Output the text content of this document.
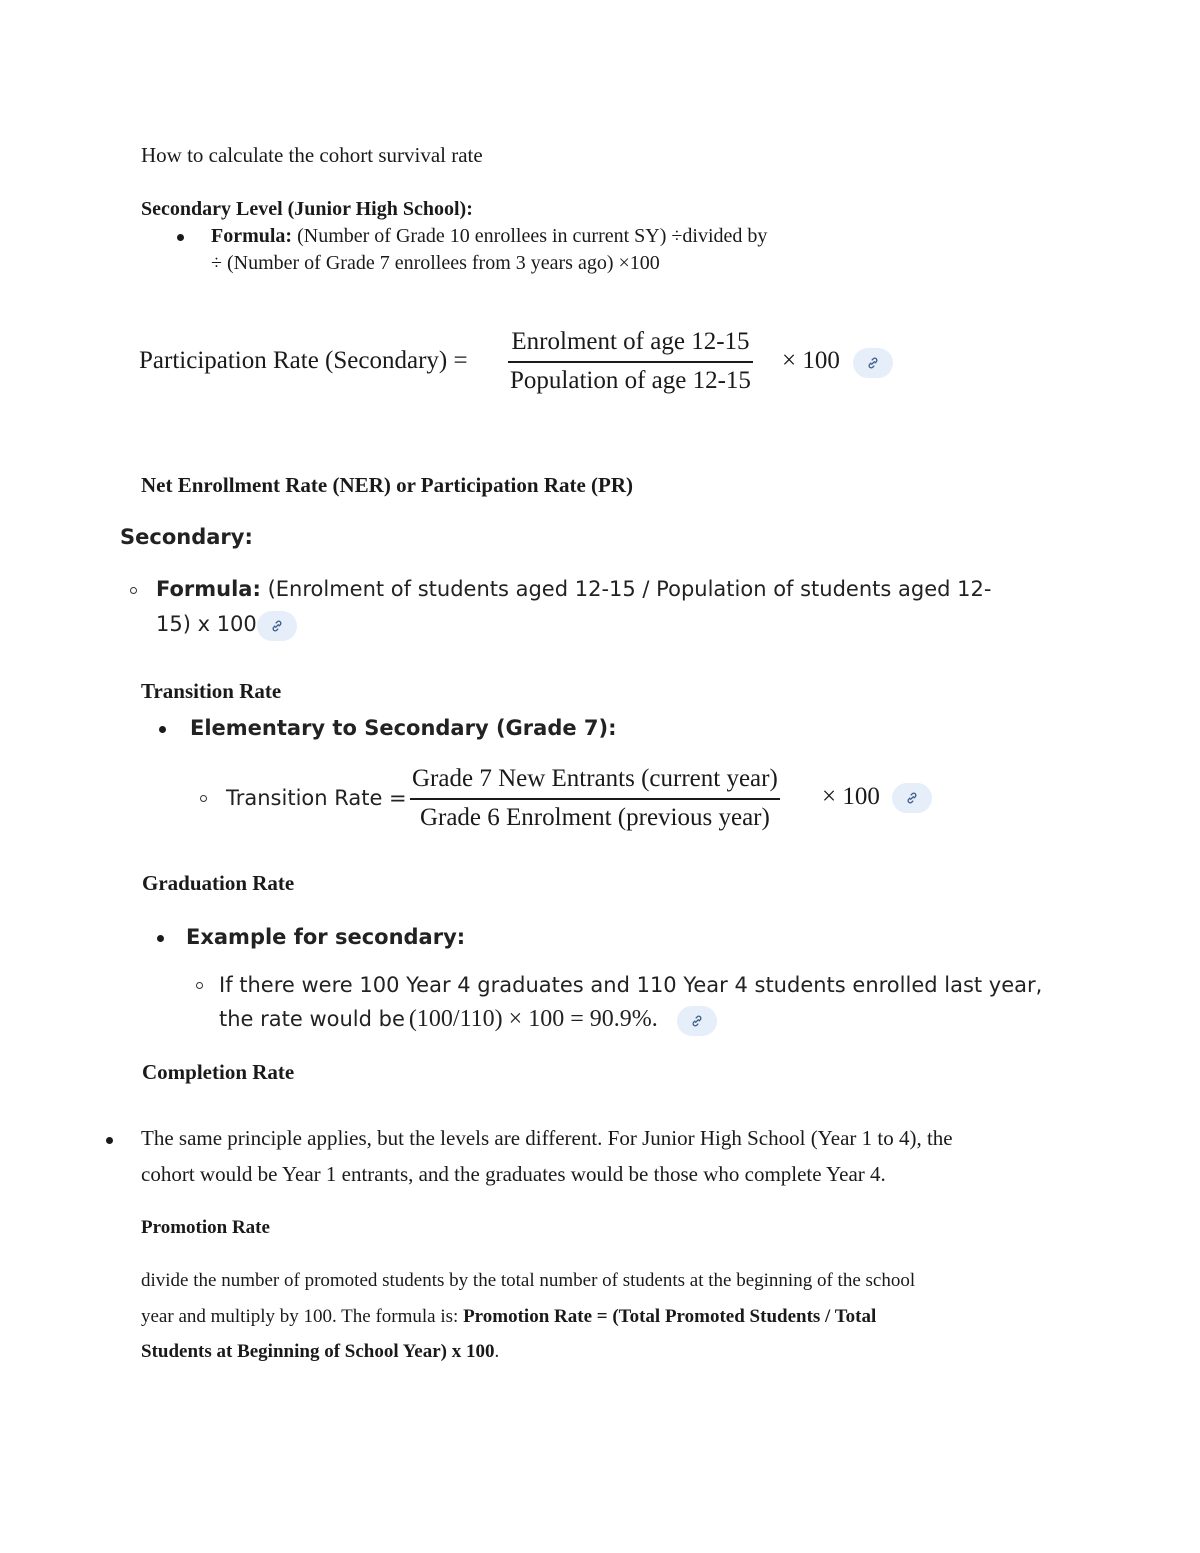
How to calculate the cohort survival rate
Secondary Level (Junior High School):
Formula: (Number of Grade 10 enrollees in current SY) ÷divided by
÷ (Number of Grade 7 enrollees from 3 years ago) ×100
Participation Rate (Secondary) =
Enrolment of age 12-15
Population of age 12-15
× 100
Net Enrollment Rate (NER) or Participation Rate (PR)
Secondary:
Formula: (Enrolment of students aged 12-15 / Population of students aged 12-
15) x 100
Transition Rate
Elementary to Secondary (Grade 7):
Transition Rate =
Grade 7 New Entrants (current year)
Grade 6 Enrolment (previous year)
× 100
Graduation Rate
Example for secondary:
If there were 100 Year 4 graduates and 110 Year 4 students enrolled last year,
the rate would be (100/110) × 100 = 90.9%.
Completion Rate
The same principle applies, but the levels are different. For Junior High School (Year 1 to 4), the
cohort would be Year 1 entrants, and the graduates would be those who complete Year 4.
Promotion Rate
divide the number of promoted students by the total number of students at the beginning of the school
year and multiply by 100. The formula is: Promotion Rate = (Total Promoted Students / Total
Students at Beginning of School Year) x 100.
